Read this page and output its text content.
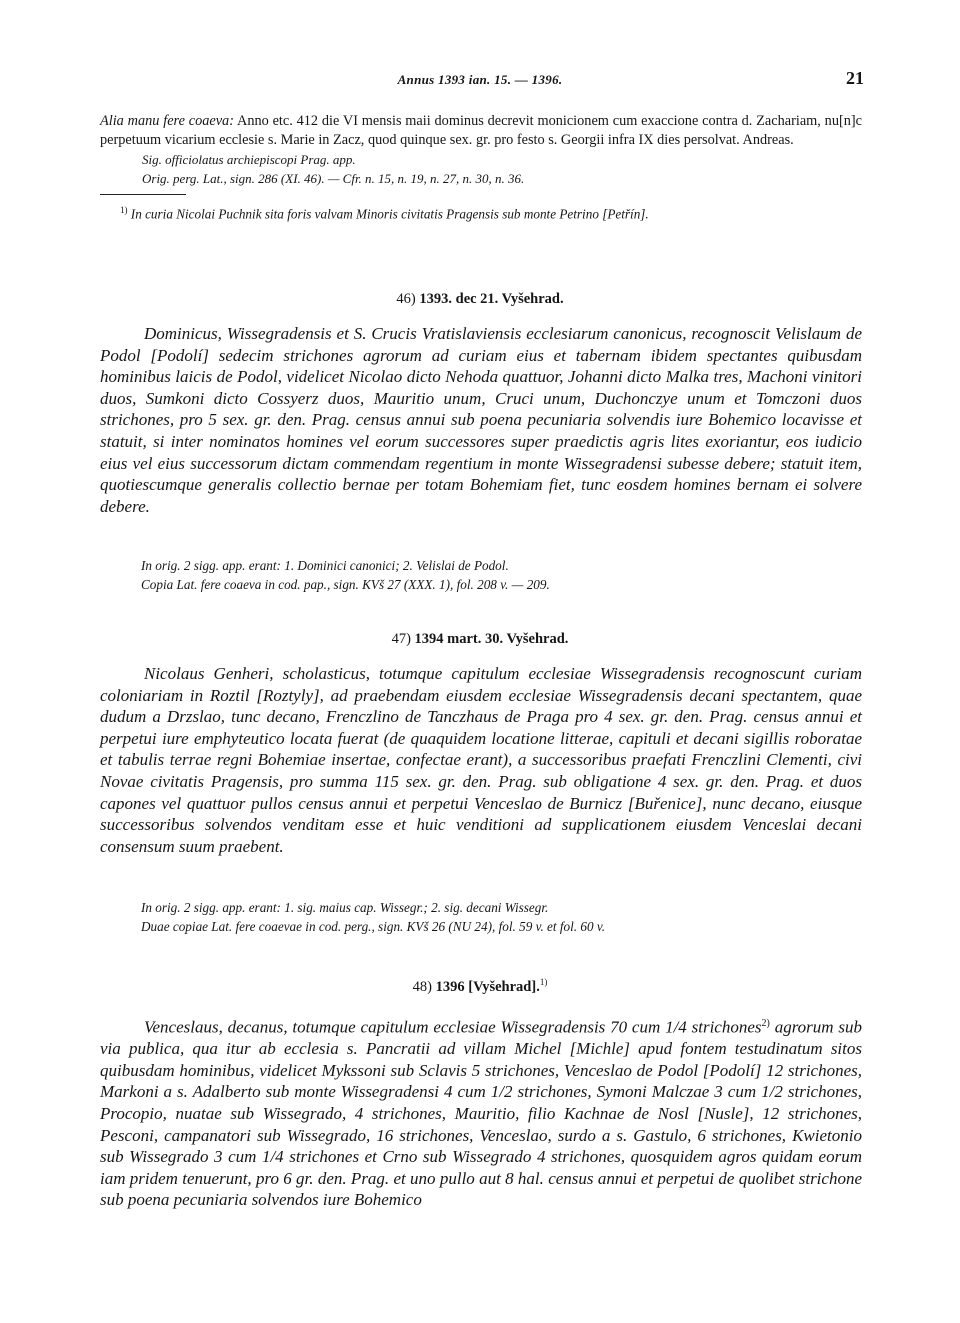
Annus 1393 ian. 15. — 1396.	21

Alia manu fere coaeva: Anno etc. 412 die VI mensis maii dominus decrevit monicionem cum exaccione contra d. Zachariam, nu[n]c perpetuum vicarium ecclesie s. Marie in Zacz, quod quinque sex. gr. pro festo s. Georgii infra IX dies persolvat. Andreas.

Sig. officiolatus archiepiscopi Prag. app.

Orig. perg. Lat., sign. 286 (XI. 46). — Cfr. n. 15, n. 19, n. 27, n. 30, n. 36.

$^{1)}$ In curia Nicolai Puchnik sita foris valvam Minoris civitatis Pragensis sub monte Petrino [Petřín].

46) 1393. dec 21. Vyšehrad.

Dominicus, Wissegradensis et S. Crucis Vratislaviensis ecclesiarum canonicus, recognoscit Velislaum de Podol [Podolí] sedecim strichones agrorum ad curiam eius et tabernam ibidem spectantes quibusdam hominibus laicis de Podol, videlicet Nicolao dicto Nehoda quattuor, Johanni dicto Malka tres, Machoni vinitori duos, Sumkoni dicto Cossyerz duos, Mauritio unum, Cruci unum, Duchonczye unum et Tomczoni duos strichones, pro 5 sex. gr. den. Prag. census annui sub poena pecuniaria solvendis iure Bohemico locavisse et statuit, si inter nominatos homines vel eorum successores super praedictis agris lites exoriantur, eos iudicio eius vel eius successorum dictam commendam regentium in monte Wissegradensi subesse debere; statuit item, quotiescumque generalis collectio bernae per totam Bohemiam fiet, tunc eosdem homines bernam ei solvere debere.

In orig. 2 sigg. app. erant: 1. Dominici canonici; 2. Velislai de Podol.

Copia Lat. fere coaeva in cod. pap., sign. KVš 27 (XXX. 1), fol. 208 v. — 209.

47) 1394 mart. 30. Vyšehrad.

Nicolaus Genheri, scholasticus, totumque capitulum ecclesiae Wissegradensis recognoscunt curiam coloniariam in Roztil [Roztyly], ad praebendam eiusdem ecclesiae Wissegradensis decani spectantem, quae dudum a Drzslao, tunc decano, Frenczlino de Tanczhaus de Praga pro 4 sex. gr. den. Prag. census annui et perpetui iure emphyteutico locata fuerat (de quaquidem locatione litterae, capituli et decani sigillis roboratae et tabulis terrae regni Bohemiae insertae, confectae erant), a successoribus praefati Frenczlini Clementi, civi Novae civitatis Pragensis, pro summa 115 sex. gr. den. Prag. sub obligatione 4 sex. gr. den. Prag. et duos capones vel quattuor pullos census annui et perpetui Venceslao de Burnicz [Buřenice], nunc decano, eiusque successoribus solvendos venditam esse et huic venditioni ad supplicationem eiusdem Venceslai decani consensum suum praebent.

In orig. 2 sigg. app. erant: 1. sig. maius cap. Wissegr.; 2. sig. decani Wissegr.

Duae copiae Lat. fere coaevae in cod. perg., sign. KVš 26 (NU 24), fol. 59 v. et fol. 60 v.

48) 1396 [Vyšehrad].$^{1)}$

Venceslaus, decanus, totumque capitulum ecclesiae Wissegradensis 70 cum 1/4 strichones$^{2)}$ agrorum sub via publica, qua itur ab ecclesia s. Pancratii ad villam Michel [Michle] apud fontem testudinatum sitos quibusdam hominibus, videlicet Mykssoni sub Sclavis 5 strichones, Venceslao de Podol [Podolí] 12 strichones, Markoni a s. Adalberto sub monte Wissegradensi 4 cum 1/2 strichones, Symoni Malczae 3 cum 1/2 strichones, Procopio, nuatae sub Wissegrado, 4 strichones, Mauritio, filio Kachnae de Nosl [Nusle], 12 strichones, Pesconi, campanatori sub Wissegrado, 16 strichones, Venceslao, surdo a s. Gastulo, 6 strichones, Kwietonio sub Wissegrado 3 cum 1/4 strichones et Crno sub Wissegrado 4 strichones, quosquidem agros quidam eorum iam pridem tenuerunt, pro 6 gr. den. Prag. et uno pullo aut 8 hal. census annui et perpetui de quolibet strichone sub poena pecuniaria solvendos iure Bohemico
